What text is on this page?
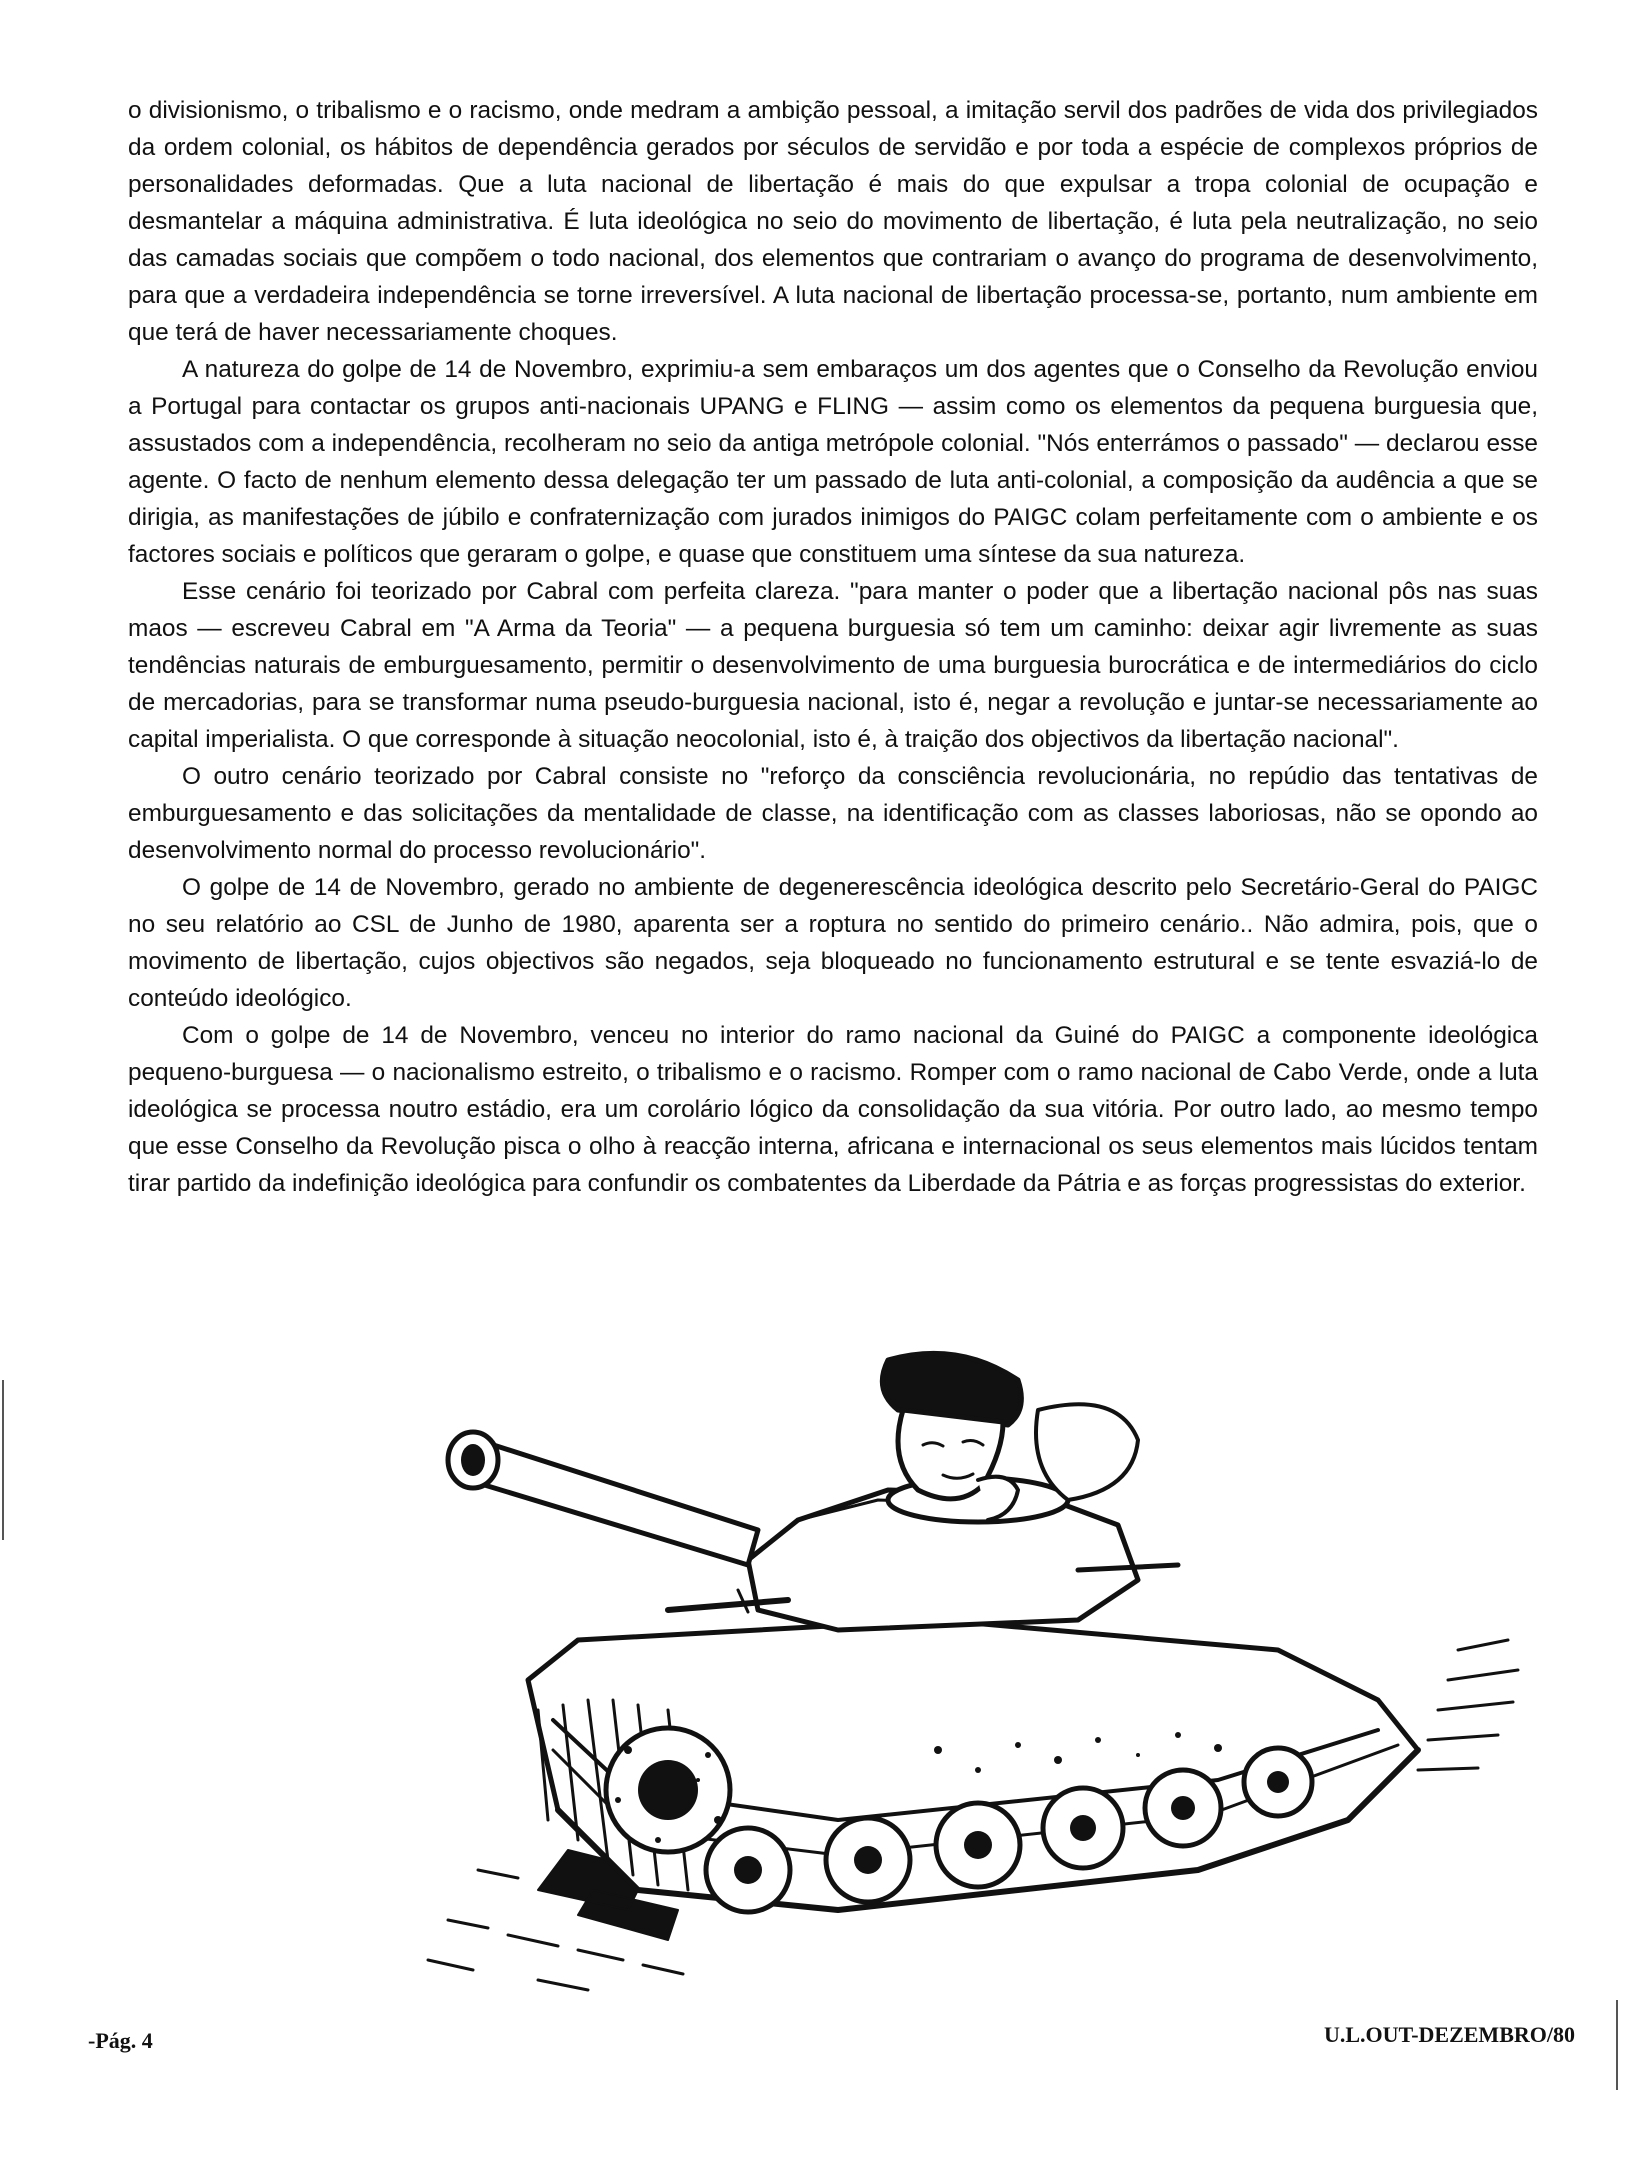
o divisionismo, o tribalismo e o racismo, onde medram a ambição pessoal, a imitação servil dos padrões de vida dos privilegiados da ordem colonial, os hábitos de dependência gerados por séculos de servidão e por toda a espécie de complexos próprios de personalidades deformadas. Que a luta nacional de libertação é mais do que expulsar a tropa colonial de ocupação e desmantelar a máquina administrativa. É luta ideológica no seio do movimento de libertação, é luta pela neutralização, no seio das camadas sociais que compõem o todo nacional, dos elementos que contrariam o avanço do programa de desenvolvimento, para que a verdadeira independência se torne irreversível. A luta nacional de libertação processa-se, portanto, num ambiente em que terá de haver necessariamente choques.

A natureza do golpe de 14 de Novembro, exprimiu-a sem embaraços um dos agentes que o Conselho da Revolução enviou a Portugal para contactar os grupos anti-nacionais UPANG e FLING — assim como os elementos da pequena burguesia que, assustados com a independência, recolheram no seio da antiga metrópole colonial. "Nós enterrámos o passado" — declarou esse agente. O facto de nenhum elemento dessa delegação ter um passado de luta anti-colonial, a composição da audência a que se dirigia, as manifestações de júbilo e confraternização com jurados inimigos do PAIGC colam perfeitamente com o ambiente e os factores sociais e políticos que geraram o golpe, e quase que constituem uma síntese da sua natureza.

Esse cenário foi teorizado por Cabral com perfeita clareza. "para manter o poder que a libertação nacional pôs nas suas maos — escreveu Cabral em "A Arma da Teoria" — a pequena burguesia só tem um caminho: deixar agir livremente as suas tendências naturais de emburguesamento, permitir o desenvolvimento de uma burguesia burocrática e de intermediários do ciclo de mercadorias, para se transformar numa pseudo-burguesia nacional, isto é, negar a revolução e juntar-se necessariamente ao capital imperialista. O que corresponde à situação neocolonial, isto é, à traição dos objectivos da libertação nacional".

O outro cenário teorizado por Cabral consiste no "reforço da consciência revolucionária, no repúdio das tentativas de emburguesamento e das solicitações da mentalidade de classe, na identificação com as classes laboriosas, não se opondo ao desenvolvimento normal do processo revolucionário".

O golpe de 14 de Novembro, gerado no ambiente de degenerescência ideológica descrito pelo Secretário-Geral do PAIGC no seu relatório ao CSL de Junho de 1980, aparenta ser a roptura no sentido do primeiro cenário.. Não admira, pois, que o movimento de libertação, cujos objectivos são negados, seja bloqueado no funcionamento estrutural e se tente esvaziá-lo de conteúdo ideológico.

Com o golpe de 14 de Novembro, venceu no interior do ramo nacional da Guiné do PAIGC a componente ideológica pequeno-burguesa — o nacionalismo estreito, o tribalismo e o racismo. Romper com o ramo nacional de Cabo Verde, onde a luta ideológica se processa noutro estádio, era um corolário lógico da consolidação da sua vitória. Por outro lado, ao mesmo tempo que esse Conselho da Revolução pisca o olho à reacção interna, africana e internacional os seus elementos mais lúcidos tentam tirar partido da indefinição ideológica para confundir os combatentes da Liberdade da Pátria e as forças progressistas do exterior.

-Pág. 4	U.L.OUT-DEZEMBRO/80
